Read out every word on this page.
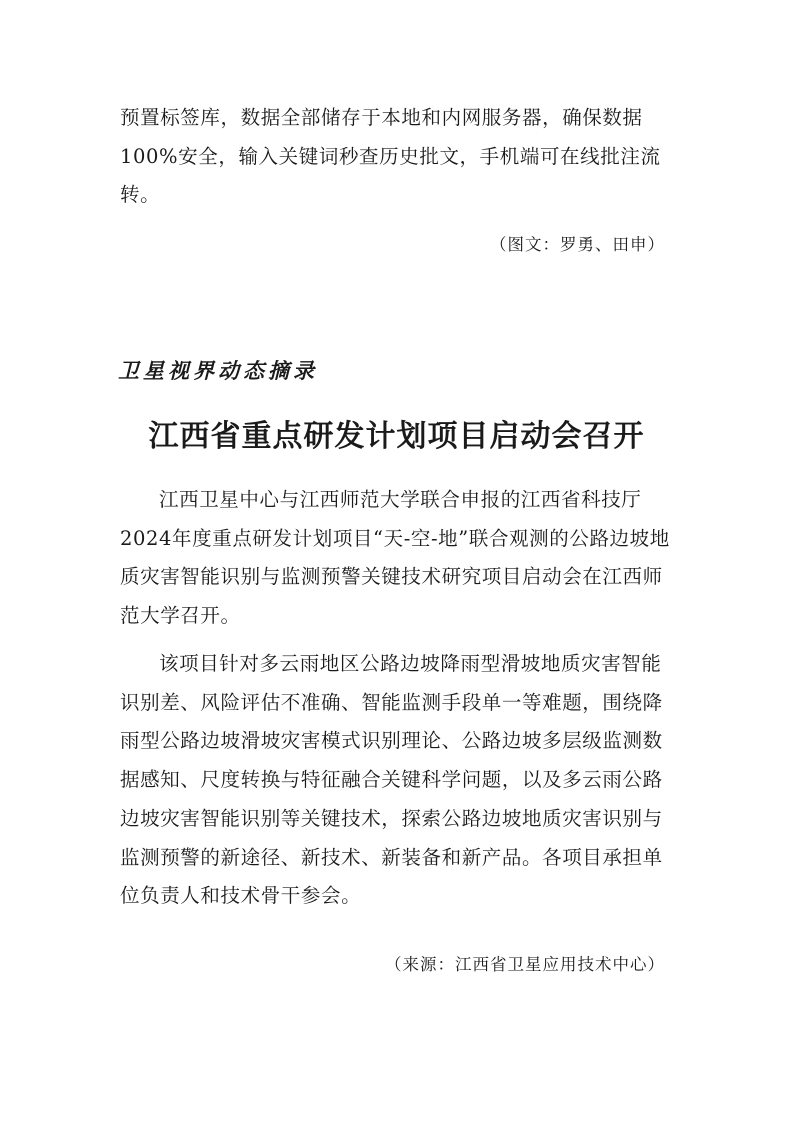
预置标签库，数据全部储存于本地和内网服务器，确保数据100%安全，输入关键词秒查历史批文，手机端可在线批注流转。

（图文：罗勇、田申）

卫星视界动态摘录
江西省重点研发计划项目启动会召开

江西卫星中心与江西师范大学联合申报的江西省科技厅2024年度重点研发计划项目“天-空-地”联合观测的公路边坡地质灾害智能识别与监测预警关键技术研究项目启动会在江西师范大学召开。

该项目针对多云雨地区公路边坡降雨型滑坡地质灾害智能识别差、风险评估不准确、智能监测手段单一等难题，围绕降雨型公路边坡滑坡灾害模式识别理论、公路边坡多层级监测数据感知、尺度转换与特征融合关键科学问题，以及多云雨公路边坡灾害智能识别等关键技术，探索公路边坡地质灾害识别与监测预警的新途径、新技术、新装备和新产品。各项目承担单位负责人和技术骨干参会。

（来源：江西省卫星应用技术中心）
